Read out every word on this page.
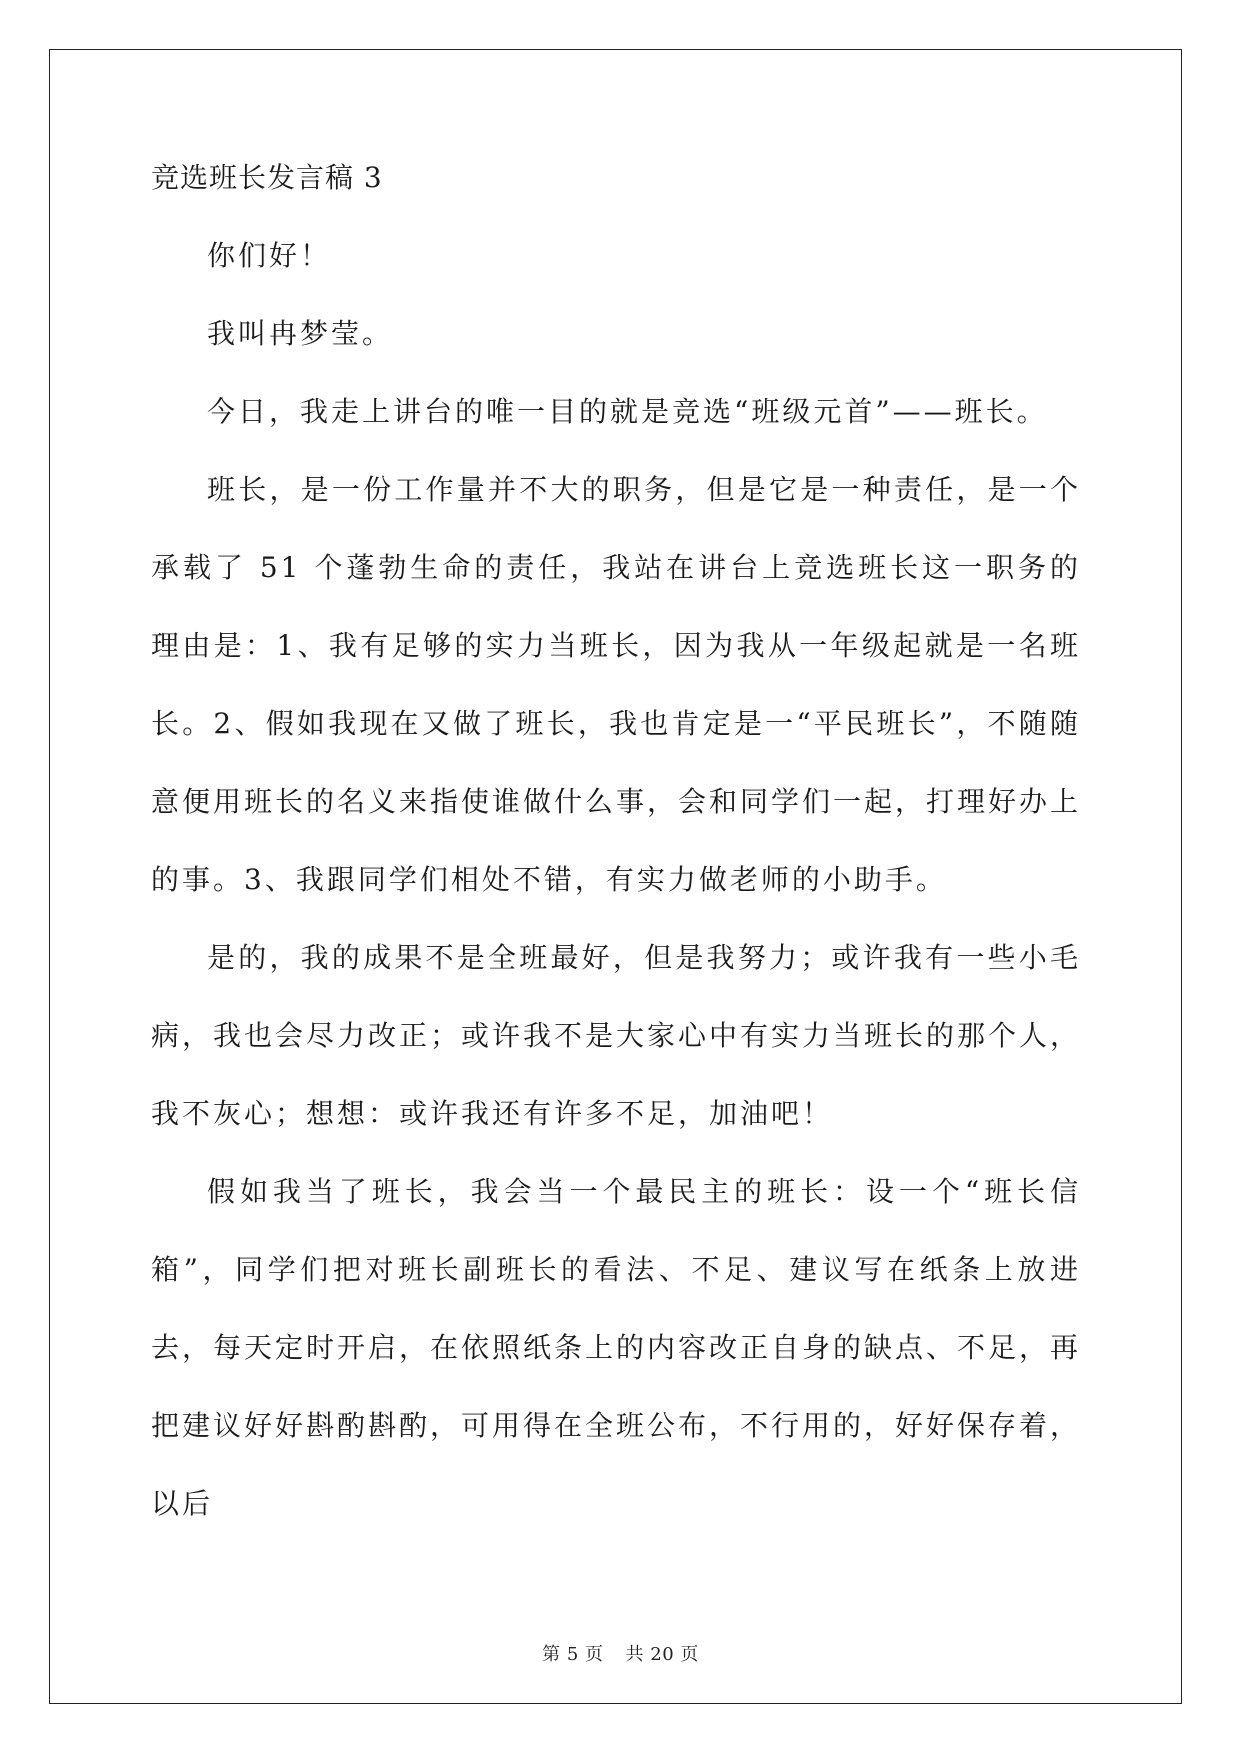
竞选班长发言稿 3

你们好！

我叫冉梦莹。

今日，我走上讲台的唯一目的就是竞选“班级元首”——班长。

班长，是一份工作量并不大的职务，但是它是一种责任，是一个承载了 51 个蓬勃生命的责任，我站在讲台上竞选班长这一职务的理由是：1、我有足够的实力当班长，因为我从一年级起就是一名班长。2、假如我现在又做了班长，我也肯定是一“平民班长”，不随随意便用班长的名义来指使谁做什么事，会和同学们一起，打理好办上的事。3、我跟同学们相处不错，有实力做老师的小助手。

是的，我的成果不是全班最好，但是我努力；或许我有一些小毛病，我也会尽力改正；或许我不是大家心中有实力当班长的那个人，我不灰心；想想：或许我还有许多不足，加油吧！

假如我当了班长，我会当一个最民主的班长：设一个“班长信箱”，同学们把对班长副班长的看法、不足、建议写在纸条上放进去，每天定时开启，在依照纸条上的内容改正自身的缺点、不足，再把建议好好斟酌斟酌，可用得在全班公布，不行用的，好好保存着，以后

第 5 页 共 20 页
